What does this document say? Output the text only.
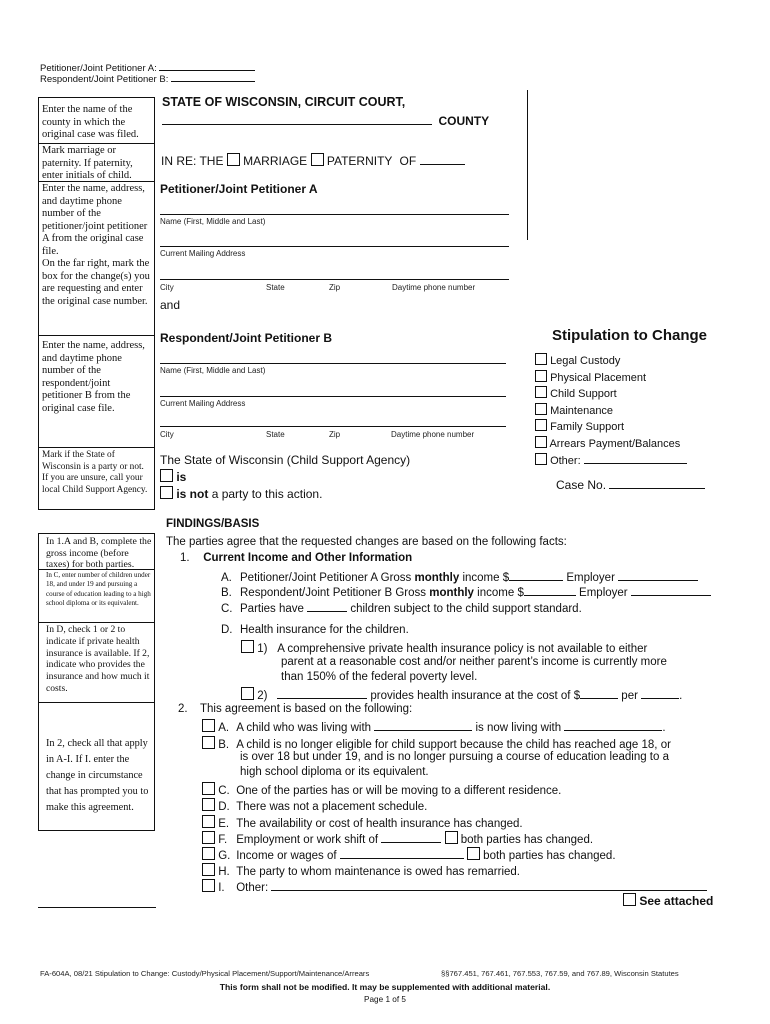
Petitioner/Joint Petitioner A:
Respondent/Joint Petitioner B:
Enter the name of the county in which the original case was filed.
Mark marriage or paternity. If paternity, enter initials of child.
Enter the name, address, and daytime phone number of the petitioner/joint petitioner A from the original case file.
On the far right, mark the box for the change(s) you are requesting and enter the original case number.
Enter the name, address, and daytime phone number of the respondent/joint petitioner B from the original case file.
Mark if the State of Wisconsin is a party or not. If you are unsure, call your local Child Support Agency.
In 1.A and B, complete the gross income (before taxes) for both parties.
In C, enter number of children under 18, and under 19 and pursuing a course of education leading to a high school diploma or its equivalent.
In D, check 1 or 2 to indicate if private health insurance is available. If 2, indicate who provides the insurance and how much it costs.
In 2, check all that apply in A-I. If I. enter the change in circumstance that has prompted you to make this agreement.
STATE OF WISCONSIN, CIRCUIT COURT,
COUNTY
IN RE: THE MARRIAGE PATERNITY OF
Petitioner/Joint Petitioner A
Name (First, Middle and Last)
Current Mailing Address
City	State	Zip	Daytime phone number
and
Respondent/Joint Petitioner B
Name (First, Middle and Last)
Current Mailing Address
City	State	Zip	Daytime phone number
The State of Wisconsin (Child Support Agency)
is
is not a party to this action.
Stipulation to Change
Legal Custody
Physical Placement
Child Support
Maintenance
Family Support
Arrears Payment/Balances
Other:
Case No.
FINDINGS/BASIS
The parties agree that the requested changes are based on the following facts:
1. Current Income and Other Information
A. Petitioner/Joint Petitioner A Gross monthly income $	Employer
B. Respondent/Joint Petitioner B Gross monthly income $	Employer
C. Parties have	children subject to the child support standard.
D. Health insurance for the children.
1) A comprehensive private health insurance policy is not available to either
parent at a reasonable cost and/or neither parent’s income is currently more
than 150% of the federal poverty level.
2)	provides health insurance at the cost of $	per	.
2. This agreement is based on the following:
A. A child who was living with	is now living with	.
B. A child is no longer eligible for child support because the child has reached age 18, or
is over 18 but under 19, and is no longer pursuing a course of education leading to a
high school diploma or its equivalent.
C. One of the parties has or will be moving to a different residence.
D. There was not a placement schedule.
E. The availability or cost of health insurance has changed.
F. Employment or work shift of	both parties has changed.
G. Income or wages of	both parties has changed.
H. The party to whom maintenance is owed has remarried.
I. Other:
See attached
FA-604A, 08/21 Stipulation to Change: Custody/Physical Placement/Support/Maintenance/Arrears	§§767.451, 767.461, 767.553, 767.59, and 767.89, Wisconsin Statutes
This form shall not be modified. It may be supplemented with additional material.
Page 1 of 5
